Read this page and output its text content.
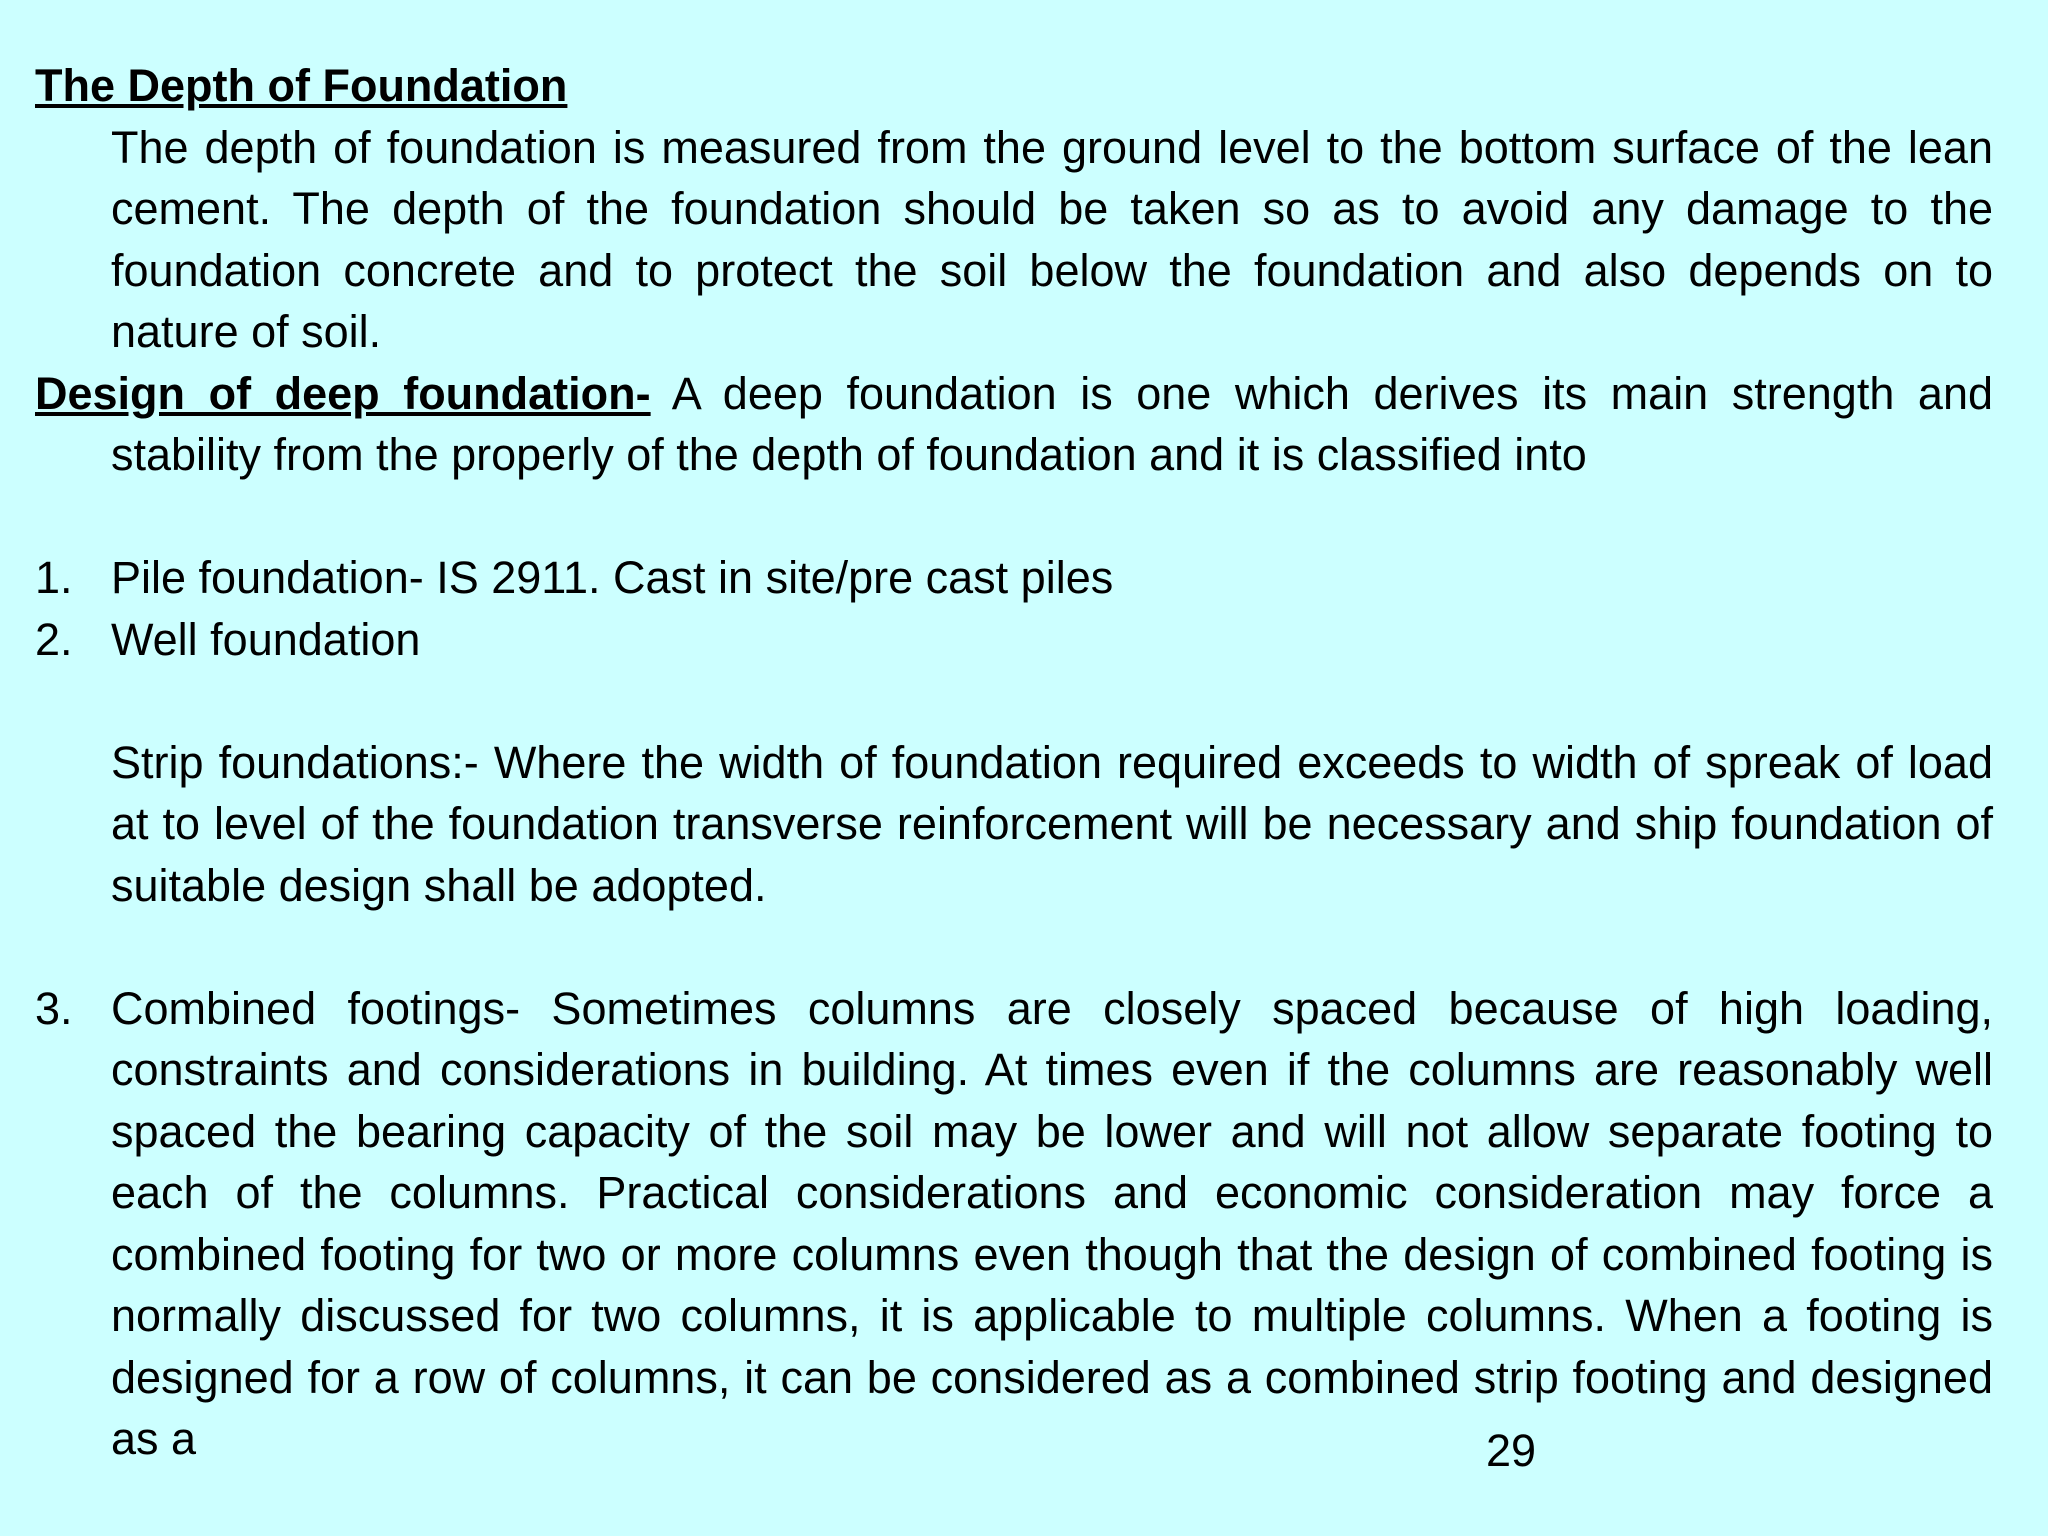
The Depth of Foundation
The depth of foundation is measured from the ground level to the bottom surface of the lean cement. The depth of the foundation should be taken so as to avoid any damage to the foundation concrete and to protect the soil below the foundation and also depends on to nature of soil.
Design of deep foundation- A deep foundation is one which derives its main strength and stability from the properly of the depth of foundation and it is classified into
1. Pile foundation- IS 2911. Cast in site/pre cast piles
2. Well foundation
Strip foundations:- Where the width of foundation required exceeds to width of spreak of load at to level of the foundation transverse reinforcement will be necessary and ship foundation of suitable design shall be adopted.
3. Combined footings- Sometimes columns are closely spaced because of high loading, constraints and considerations in building. At times even if the columns are reasonably well spaced the bearing capacity of the soil may be lower and will not allow separate footing to each of the columns. Practical considerations and economic consideration may force a combined footing for two or more columns even though that the design of combined footing is normally discussed for two columns, it is applicable to multiple columns. When a footing is designed for a row of columns, it can be considered as a combined strip footing and designed as a	29
